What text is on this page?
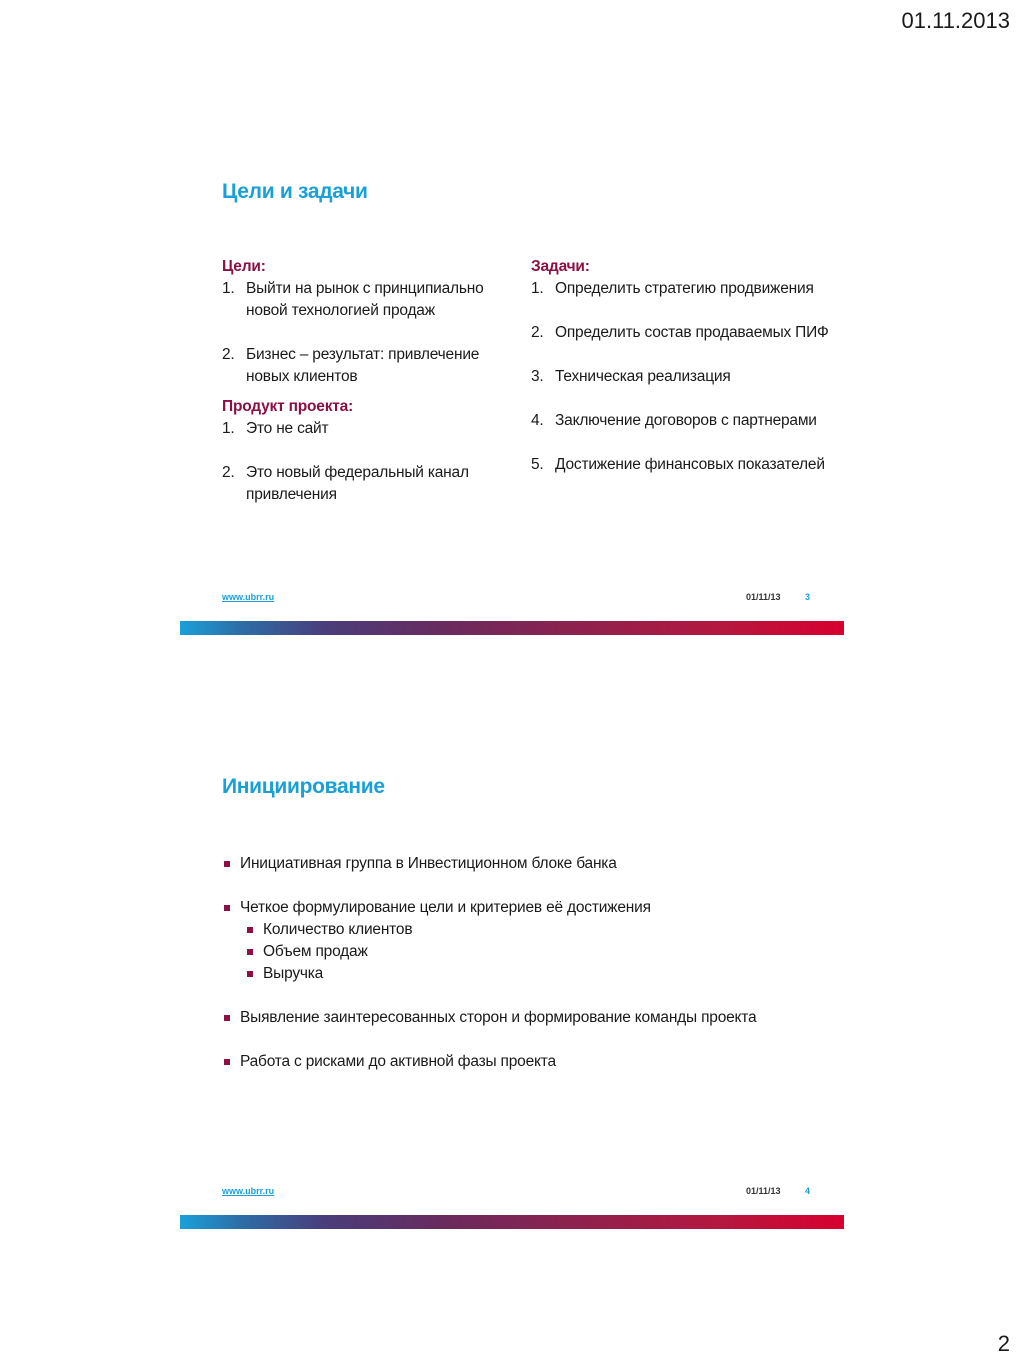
01.11.2013
Цели и задачи
Цели:
1. Выйти на рынок с принципиально новой технологией продаж
2. Бизнес – результат: привлечение новых клиентов
Продукт проекта:
1. Это не сайт
2. Это новый федеральный канал привлечения
Задачи:
1. Определить стратегию продвижения
2. Определить состав продаваемых ПИФ
3. Техническая реализация
4. Заключение договоров с партнерами
5. Достижение финансовых показателей
www.ubrr.ru	01/11/13	3
Инициирование
Инициативная группа в Инвестиционном блоке банка
Четкое формулирование цели и критериев её достижения
Количество клиентов
Объем продаж
Выручка
Выявление заинтересованных сторон и формирование команды проекта
Работа с рисками до активной фазы проекта
www.ubrr.ru	01/11/13	4
2
